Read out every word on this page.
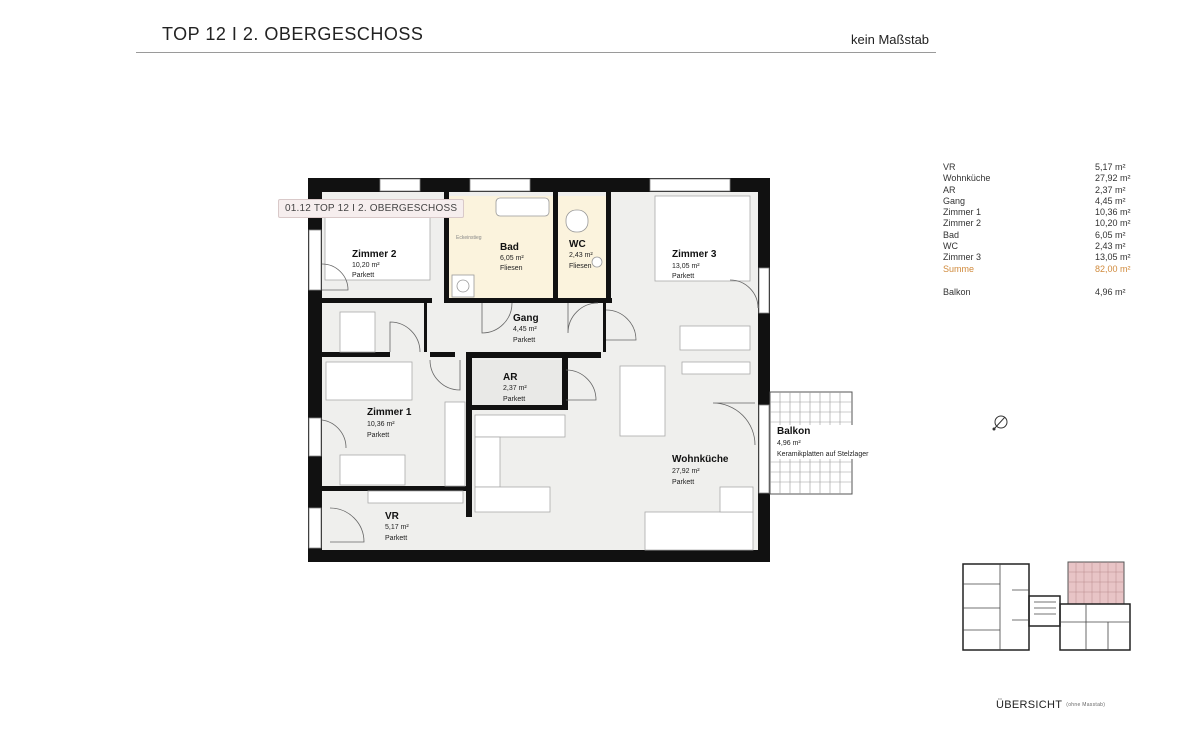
TOP 12 I 2. OBERGESCHOSS	kein Maßstab
Eckeinstieg
Zimmer 2
10,20 m²
Parkett
Bad
6,05 m²
Fliesen
WC
2,43 m²
Fliesen
Zimmer 3
13,05 m²
Parkett
Gang
4,45 m²
Parkett
AR
2,37 m²
Parkett
Zimmer 1
10,36 m²
Parkett
Wohnküche
27,92 m²
Parkett
VR
5,17 m²
Parkett
Balkon
4,96 m²
Keramikplatten auf Stelzlager
01.12 TOP 12 I 2. OBERGESCHOSS
VR	5,17 m²
Wohnküche	27,92 m²
AR	2,37 m²
Gang	4,45 m²
Zimmer 1	10,36 m²
Zimmer 2	10,20 m²
Bad	6,05 m²
WC	2,43 m²
Zimmer 3	13,05 m²
Summe	82,00 m²
Balkon	4,96 m²
ÜBERSICHT (ohne Masstab)
